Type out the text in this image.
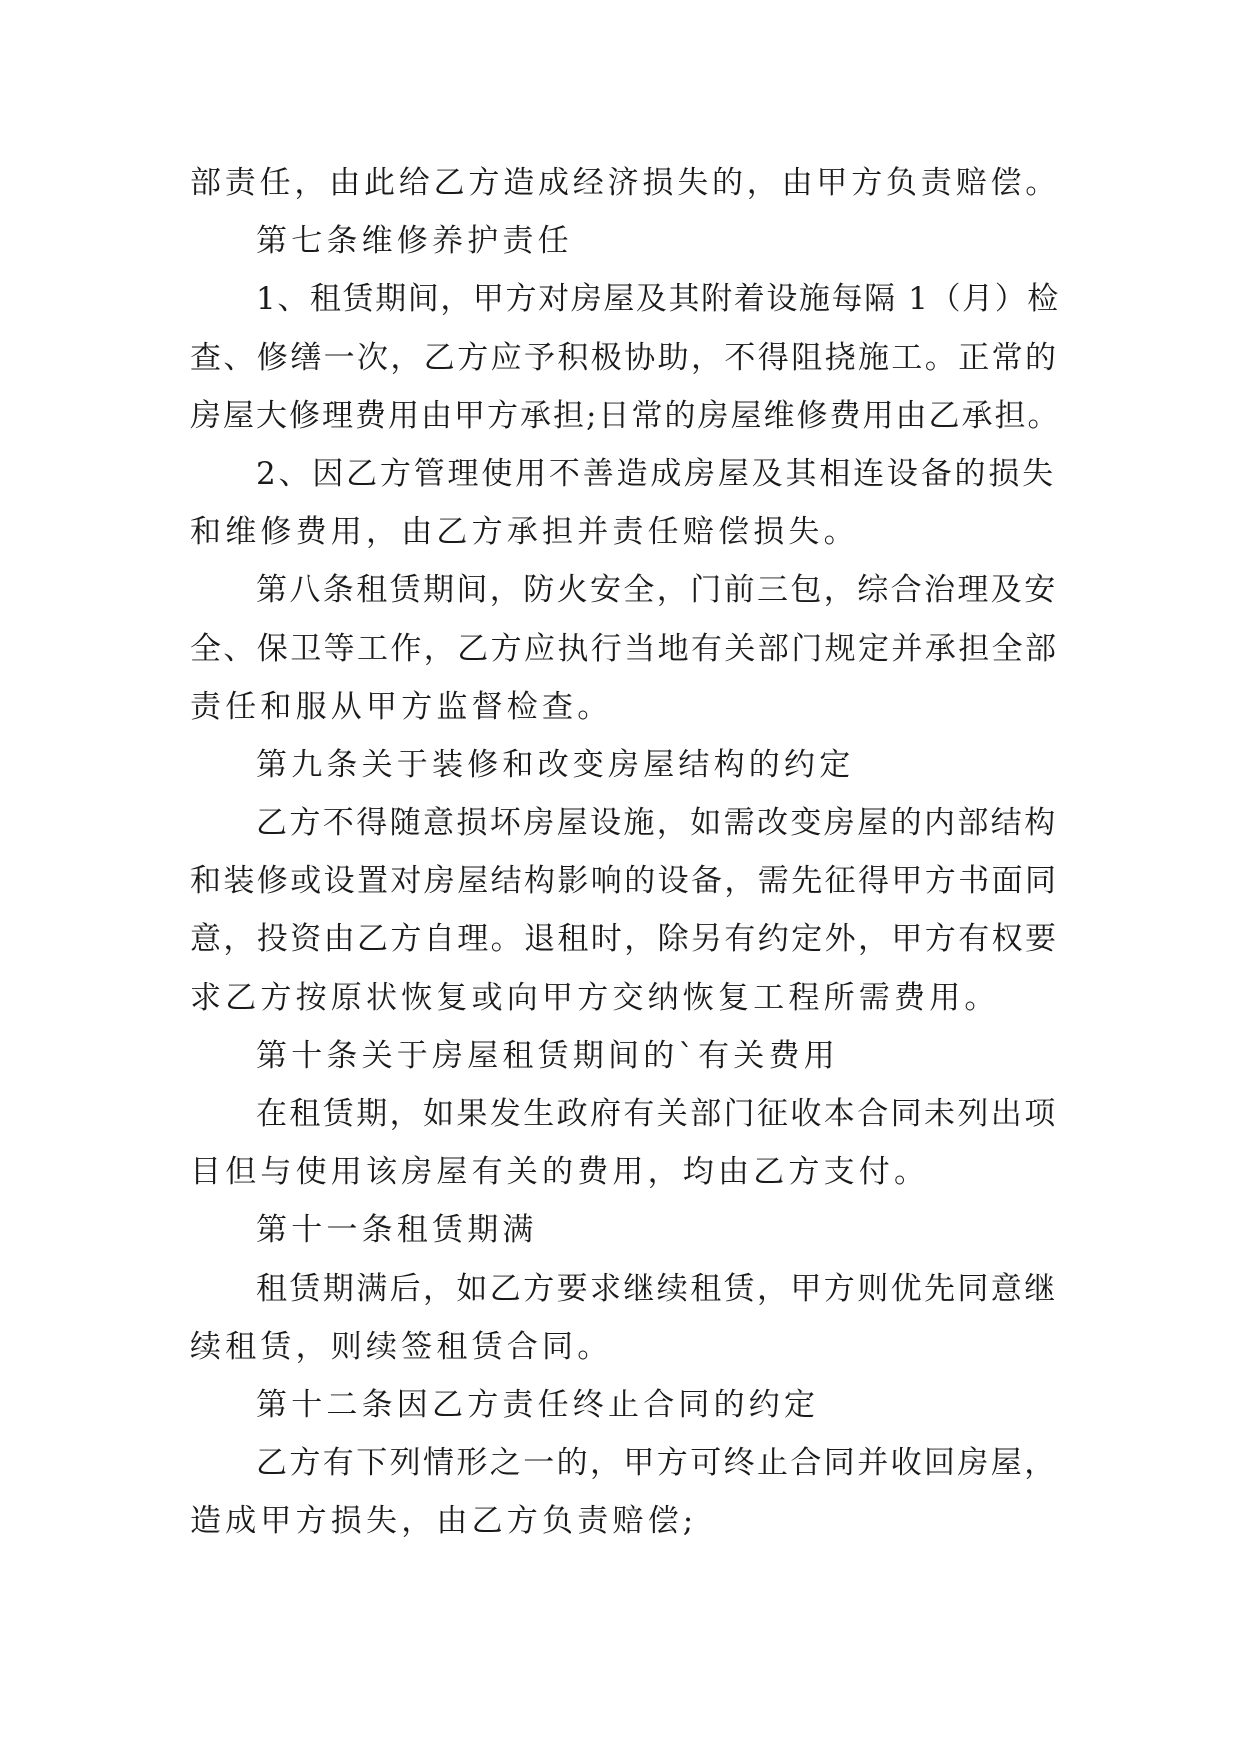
部责任，由此给乙方造成经济损失的，由甲方负责赔偿。
第七条维修养护责任
1、租赁期间，甲方对房屋及其附着设施每隔 1（月）检
查、修缮一次，乙方应予积极协助，不得阻挠施工。正常的
房屋大修理费用由甲方承担;日常的房屋维修费用由乙承担。
2、因乙方管理使用不善造成房屋及其相连设备的损失
和维修费用，由乙方承担并责任赔偿损失。
第八条租赁期间，防火安全，门前三包，综合治理及安
全、保卫等工作，乙方应执行当地有关部门规定并承担全部
责任和服从甲方监督检查。
第九条关于装修和改变房屋结构的约定
乙方不得随意损坏房屋设施，如需改变房屋的内部结构
和装修或设置对房屋结构影响的设备，需先征得甲方书面同
意，投资由乙方自理。退租时，除另有约定外，甲方有权要
求乙方按原状恢复或向甲方交纳恢复工程所需费用。
第十条关于房屋租赁期间的`有关费用
在租赁期，如果发生政府有关部门征收本合同未列出项
目但与使用该房屋有关的费用，均由乙方支付。
第十一条租赁期满
租赁期满后，如乙方要求继续租赁，甲方则优先同意继
续租赁，则续签租赁合同。
第十二条因乙方责任终止合同的约定
乙方有下列情形之一的，甲方可终止合同并收回房屋，
造成甲方损失，由乙方负责赔偿;
